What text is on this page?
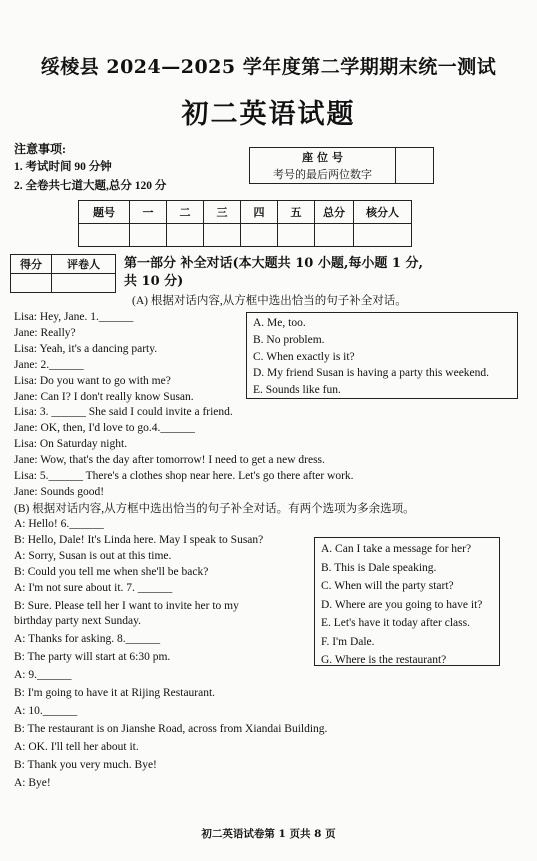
绥棱县 2024—2025 学年度第二学期期末统一测试
初二英语试题
注意事项:
1. 考试时间 90 分钟
2. 全卷共七道大题,总分 120 分
座 位 号	
考号的最后两位数字
题号	一	二	三	四	五	总分	核分人

得分	评卷人
	第一部分 补全对话(本大题共 10 小题,每小题 1 分,
共 10 分)
(A) 根据对话内容,从方框中选出恰当的句子补全对话。
Lisa: Hey, Jane. 1.______
Jane: Really?
Lisa: Yeah, it's a dancing party.
Jane: 2.______
Lisa: Do you want to go with me?
Jane: Can I? I don't really know Susan.
Lisa: 3. ______ She said I could invite a friend.
Jane: OK, then, I'd love to go.4.______
Lisa: On Saturday night.
Jane: Wow, that's the day after tomorrow! I need to get a new dress.
Lisa: 5.______ There's a clothes shop near here. Let's go there after work.
Jane: Sounds good!
A. Me, too.
B. No problem.
C. When exactly is it?
D. My friend Susan is having a party this weekend.
E. Sounds like fun.
(B) 根据对话内容,从方框中选出恰当的句子补全对话。有两个选项为多余选项。
A: Hello! 6.______
B: Hello, Dale! It's Linda here. May I speak to Susan?
A: Sorry, Susan is out at this time.
B: Could you tell me when she'll be back?
A: I'm not sure about it. 7. ______
B: Sure. Please tell her I want to invite her to my
birthday party next Sunday.
A: Thanks for asking. 8.______
B: The party will start at 6:30 pm.
A: 9.______
B: I'm going to have it at Rijing Restaurant.
A: 10.______
B: The restaurant is on Jianshe Road, across from Xiandai Building.
A: OK. I'll tell her about it.
B: Thank you very much. Bye!
A: Bye!
A. Can I take a message for her?
B. This is Dale speaking.
C. When will the party start?
D. Where are you going to have it?
E. Let's have it today after class.
F. I'm Dale.
G. Where is the restaurant?
初二英语试卷第 1 页共 8 页
